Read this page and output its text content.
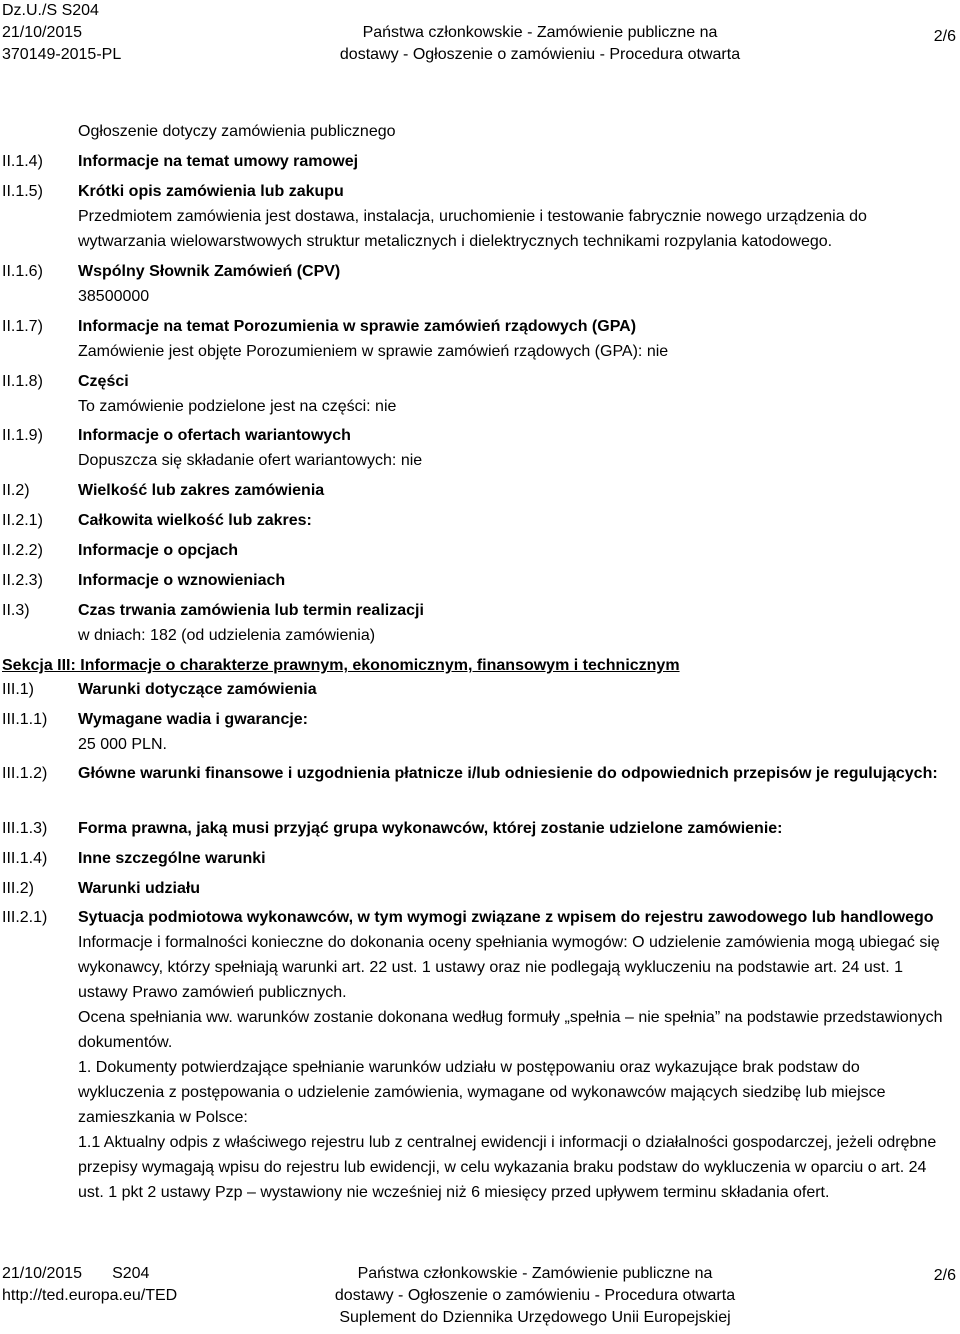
Dz.U./S S204
21/10/2015
370149-2015-PL
Państwa członkowskie - Zamówienie publiczne na
dostawy - Ogłoszenie o zamówieniu - Procedura otwarta
2/6
Ogłoszenie dotyczy zamówienia publicznego
II.1.4) Informacje na temat umowy ramowej
II.1.5) Krótki opis zamówienia lub zakupu
Przedmiotem zamówienia jest dostawa, instalacja, uruchomienie i testowanie fabrycznie nowego urządzenia do wytwarzania wielowarstwowych struktur metalicznych i dielektrycznych technikami rozpylania katodowego.
II.1.6) Wspólny Słownik Zamówień (CPV)
38500000
II.1.7) Informacje na temat Porozumienia w sprawie zamówień rządowych (GPA)
Zamówienie jest objęte Porozumieniem w sprawie zamówień rządowych (GPA): nie
II.1.8) Części
To zamówienie podzielone jest na części: nie
II.1.9) Informacje o ofertach wariantowych
Dopuszcza się składanie ofert wariantowych: nie
II.2)	Wielkość lub zakres zamówienia
II.2.1) Całkowita wielkość lub zakres:
II.2.2) Informacje o opcjach
II.2.3) Informacje o wznowieniach
II.3)	Czas trwania zamówienia lub termin realizacji
w dniach: 182 (od udzielenia zamówienia)
Sekcja III: Informacje o charakterze prawnym, ekonomicznym, finansowym i technicznym
III.1)	Warunki dotyczące zamówienia
III.1.1) Wymagane wadia i gwarancje:
25 000 PLN.
III.1.2) Główne warunki finansowe i uzgodnienia płatnicze i/lub odniesienie do odpowiednich przepisów je regulujących:
III.1.3) Forma prawna, jaką musi przyjąć grupa wykonawców, której zostanie udzielone zamówienie:
III.1.4) Inne szczególne warunki
III.2)	Warunki udziału
III.2.1) Sytuacja podmiotowa wykonawców, w tym wymogi związane z wpisem do rejestru zawodowego lub handlowego
Informacje i formalności konieczne do dokonania oceny spełniania wymogów: O udzielenie zamówienia mogą ubiegać się wykonawcy, którzy spełniają warunki art. 22 ust. 1 ustawy oraz nie podlegają wykluczeniu na podstawie art. 24 ust. 1 ustawy Prawo zamówień publicznych.
Ocena spełniania ww. warunków zostanie dokonana według formuły „spełnia – nie spełnia” na podstawie przedstawionych dokumentów.
1. Dokumenty potwierdzające spełnianie warunków udziału w postępowaniu oraz wykazujące brak podstaw do wykluczenia z postępowania o udzielenie zamówienia, wymagane od wykonawców mających siedzibę lub miejsce zamieszkania w Polsce:
1.1 Aktualny odpis z właściwego rejestru lub z centralnej ewidencji i informacji o działalności gospodarczej, jeżeli odrębne przepisy wymagają wpisu do rejestru lub ewidencji, w celu wykazania braku podstaw do wykluczenia w oparciu o art. 24 ust. 1 pkt 2 ustawy Pzp – wystawiony nie wcześniej niż 6 miesięcy przed upływem terminu składania ofert.
21/10/2015 S204
http://ted.europa.eu/TED
Państwa członkowskie - Zamówienie publiczne na
dostawy - Ogłoszenie o zamówieniu - Procedura otwarta
Suplement do Dziennika Urzędowego Unii Europejskiej
2/6
